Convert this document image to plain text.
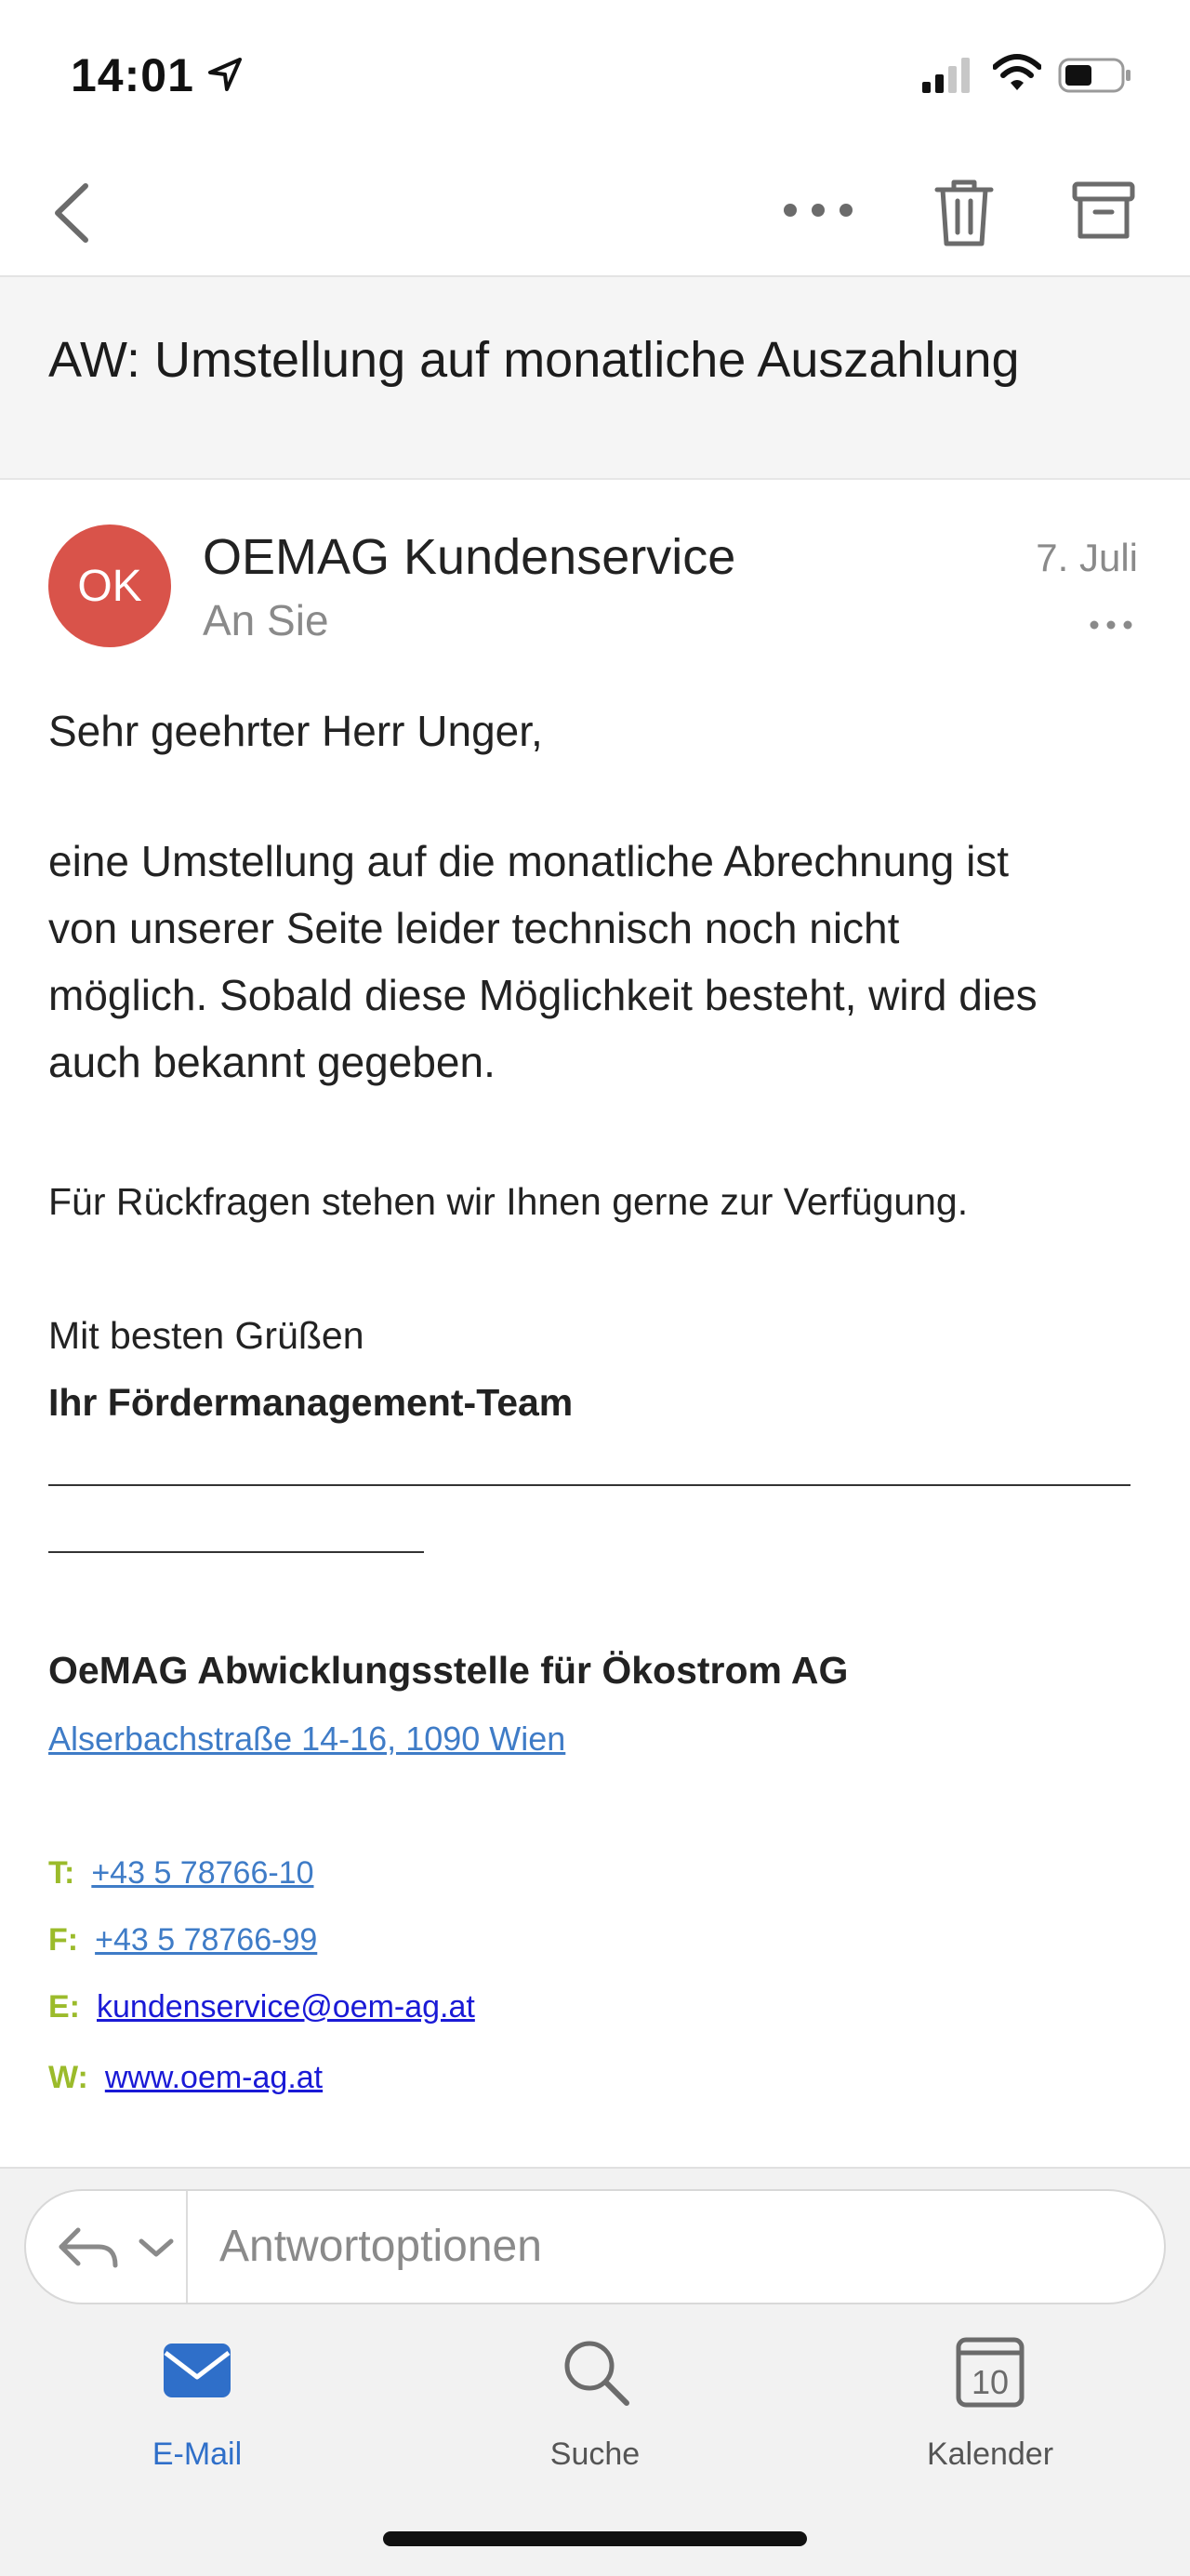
14:01
AW: Umstellung auf monatliche Auszahlung
OK
OEMAG Kundenservice
An Sie
7. Juli
Sehr geehrter Herr Unger,
eine Umstellung auf die monatliche Abrechnung ist
von unserer Seite leider technisch noch nicht
möglich. Sobald diese Möglichkeit besteht, wird dies
auch bekannt gegeben.
Für Rückfragen stehen wir Ihnen gerne zur Verfügung.
Mit besten Grüßen
Ihr Fördermanagement-Team
OeMAG Abwicklungsstelle für Ökostrom AG
Alserbachstraße 14-16, 1090 Wien
T: +43 5 78766-10
F: +43 5 78766-99
E: kundenservice@oem-ag.at
W: www.oem-ag.at
Antwortoptionen
E-Mail	Suche
10
Kalender
